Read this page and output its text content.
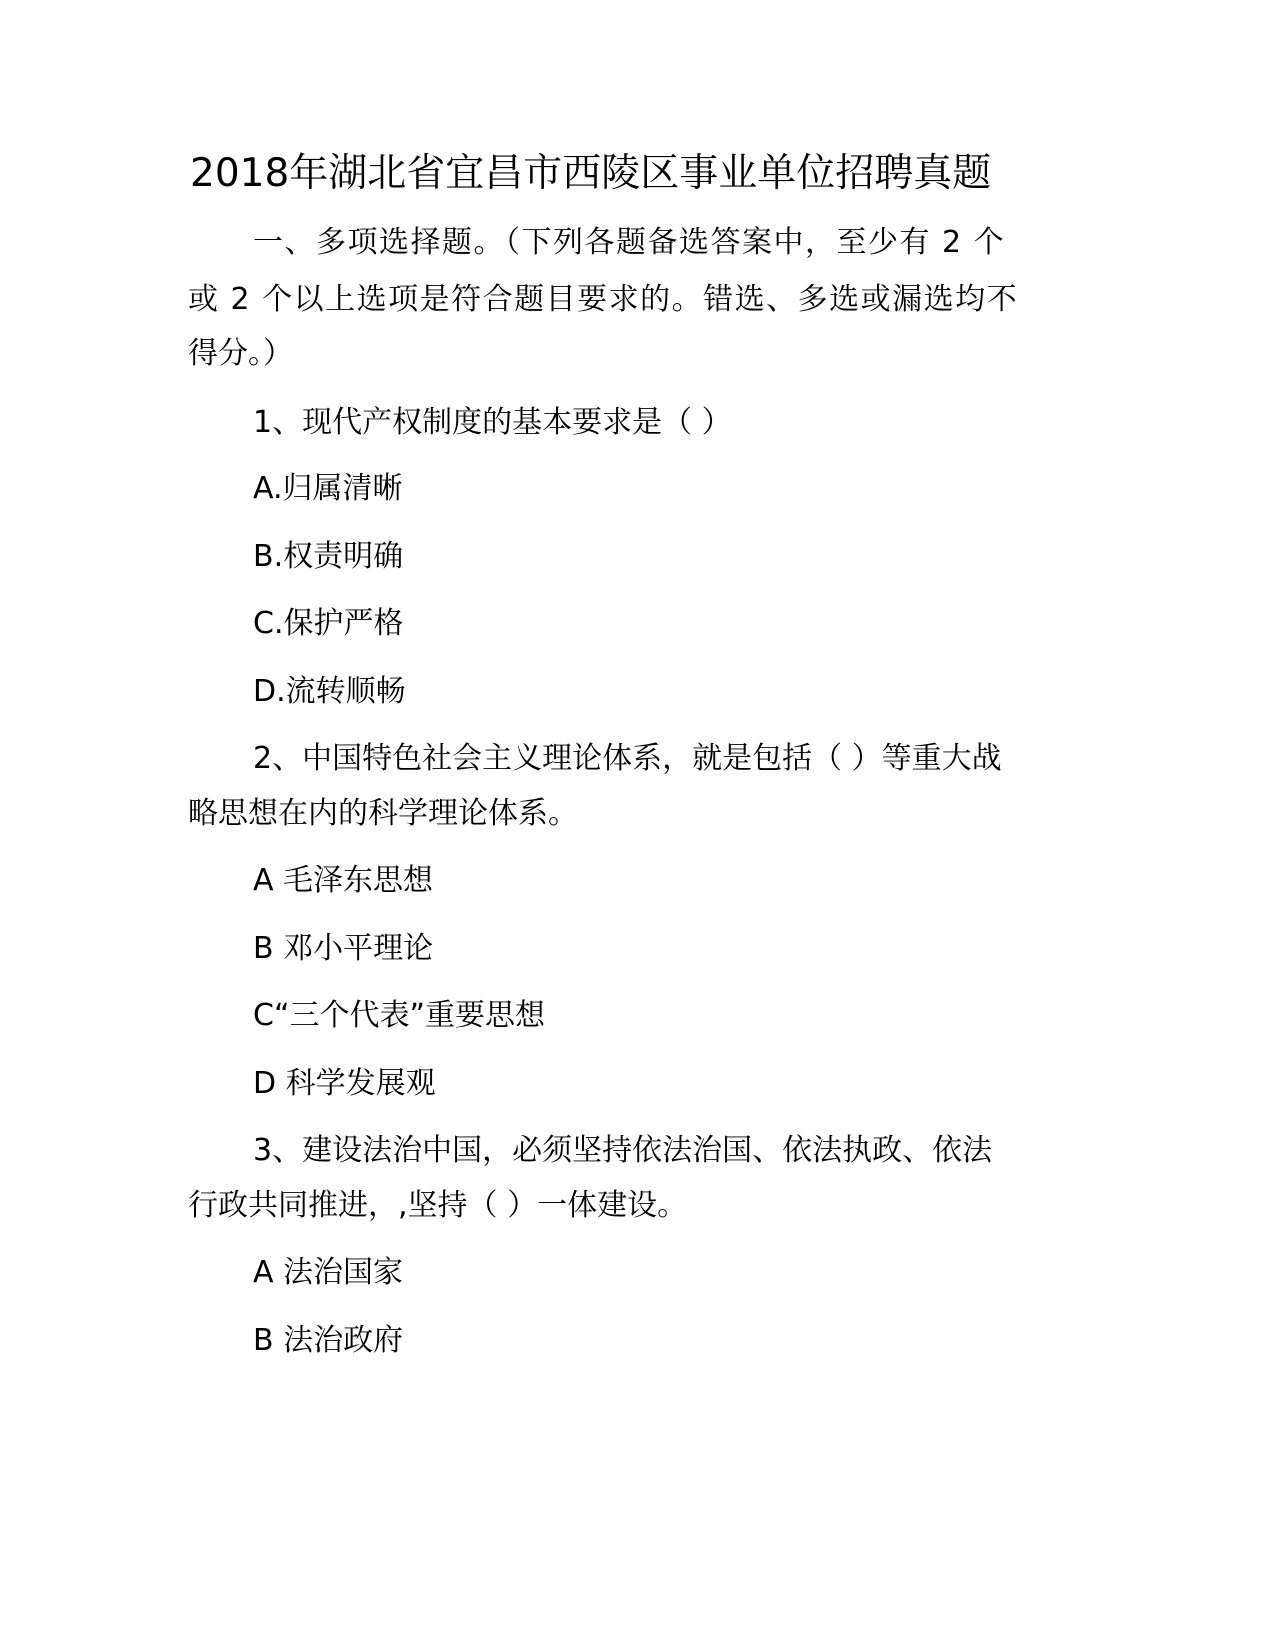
2018年湖北省宜昌市西陵区事业单位招聘真题
一、多项选择题。（下列各题备选答案中，至少有 2 个
或 2 个以上选项是符合题目要求的。错选、多选或漏选均不
得分。）
1、现代产权制度的基本要求是（ ）
A.归属清晰
B.权责明确
C.保护严格
D.流转顺畅
2、中国特色社会主义理论体系，就是包括（ ）等重大战
略思想在内的科学理论体系。
A 毛泽东思想
B 邓小平理论
C“三个代表”重要思想
D 科学发展观
3、建设法治中国，必须坚持依法治国、依法执政、依法
行政共同推进，,坚持（ ）一体建设。
A 法治国家
B 法治政府
